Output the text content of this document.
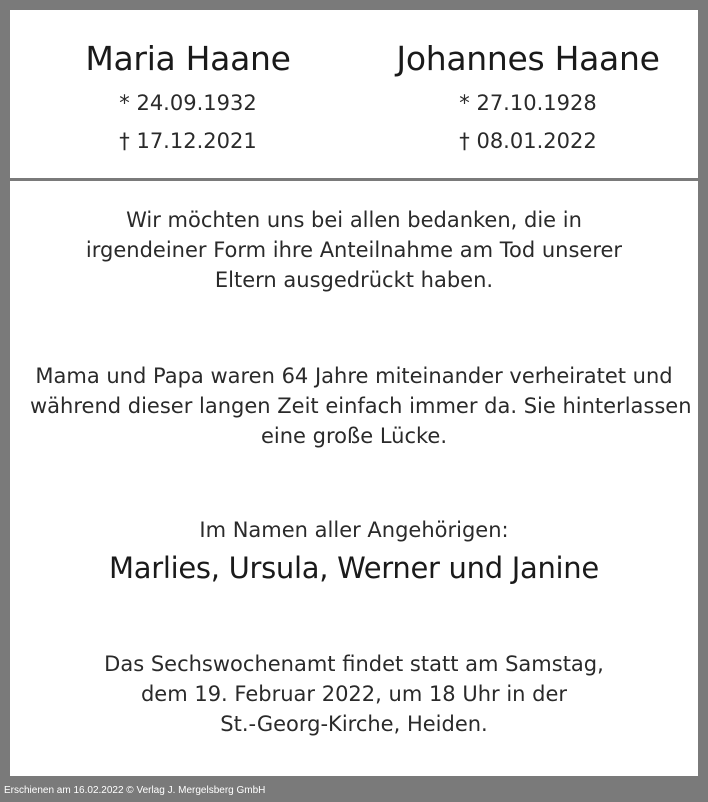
Maria Haane
* 24.09.1932
† 17.12.2021
Johannes Haane
* 27.10.1928
† 08.01.2022
Wir möchten uns bei allen bedanken, die in
irgendeiner Form ihre Anteilnahme am Tod unserer
Eltern ausgedrückt haben.
Mama und Papa waren 64 Jahre miteinander verheiratet und
während dieser langen Zeit einfach immer da. Sie hinterlassen
eine große Lücke.
Im Namen aller Angehörigen:
Marlies, Ursula, Werner und Janine
Das Sechswochenamt findet statt am Samstag,
dem 19. Februar 2022, um 18 Uhr in der
St.-Georg-Kirche, Heiden.
Erschienen am 16.02.2022 © Verlag J. Mergelsberg GmbH
